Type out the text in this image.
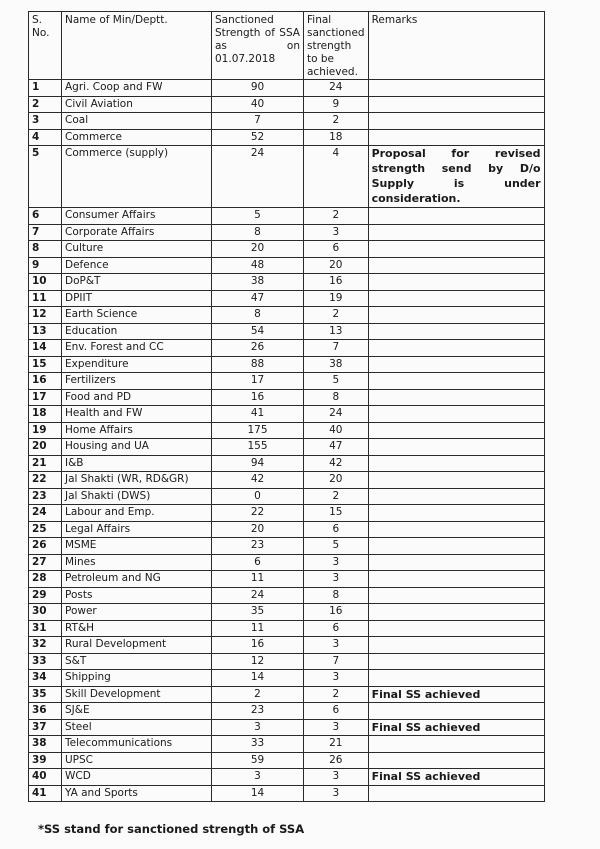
S. No.	Name of Min/Deptt.	Sanctioned Strength of SSA as on 01.07.2018	Final sanctioned strength to be achieved.	Remarks
1	Agri. Coop and FW	90	24	
2	Civil Aviation	40	9	
3	Coal	7	2	
4	Commerce	52	18	
5	Commerce (supply)	24	4	Proposal for revised strength send by D/o Supply is under consideration.
6	Consumer Affairs	5	2	
7	Corporate Affairs	8	3	
8	Culture	20	6	
9	Defence	48	20	
10	DoP&T	38	16	
11	DPIIT	47	19	
12	Earth Science	8	2	
13	Education	54	13	
14	Env. Forest and CC	26	7	
15	Expenditure	88	38	
16	Fertilizers	17	5	
17	Food and PD	16	8	
18	Health and FW	41	24	
19	Home Affairs	175	40	
20	Housing and UA	155	47	
21	I&B	94	42	
22	Jal Shakti (WR, RD&GR)	42	20	
23	Jal Shakti (DWS)	0	2	
24	Labour and Emp.	22	15	
25	Legal Affairs	20	6	
26	MSME	23	5	
27	Mines	6	3	
28	Petroleum and NG	11	3	
29	Posts	24	8	
30	Power	35	16	
31	RT&H	11	6	
32	Rural Development	16	3	
33	S&T	12	7	
34	Shipping	14	3	
35	Skill Development	2	2	Final SS achieved
36	SJ&E	23	6	
37	Steel	3	3	Final SS achieved
38	Telecommunications	33	21	
39	UPSC	59	26	
40	WCD	3	3	Final SS achieved
41	YA and Sports	14	3	
*SS stand for sanctioned strength of SSA
